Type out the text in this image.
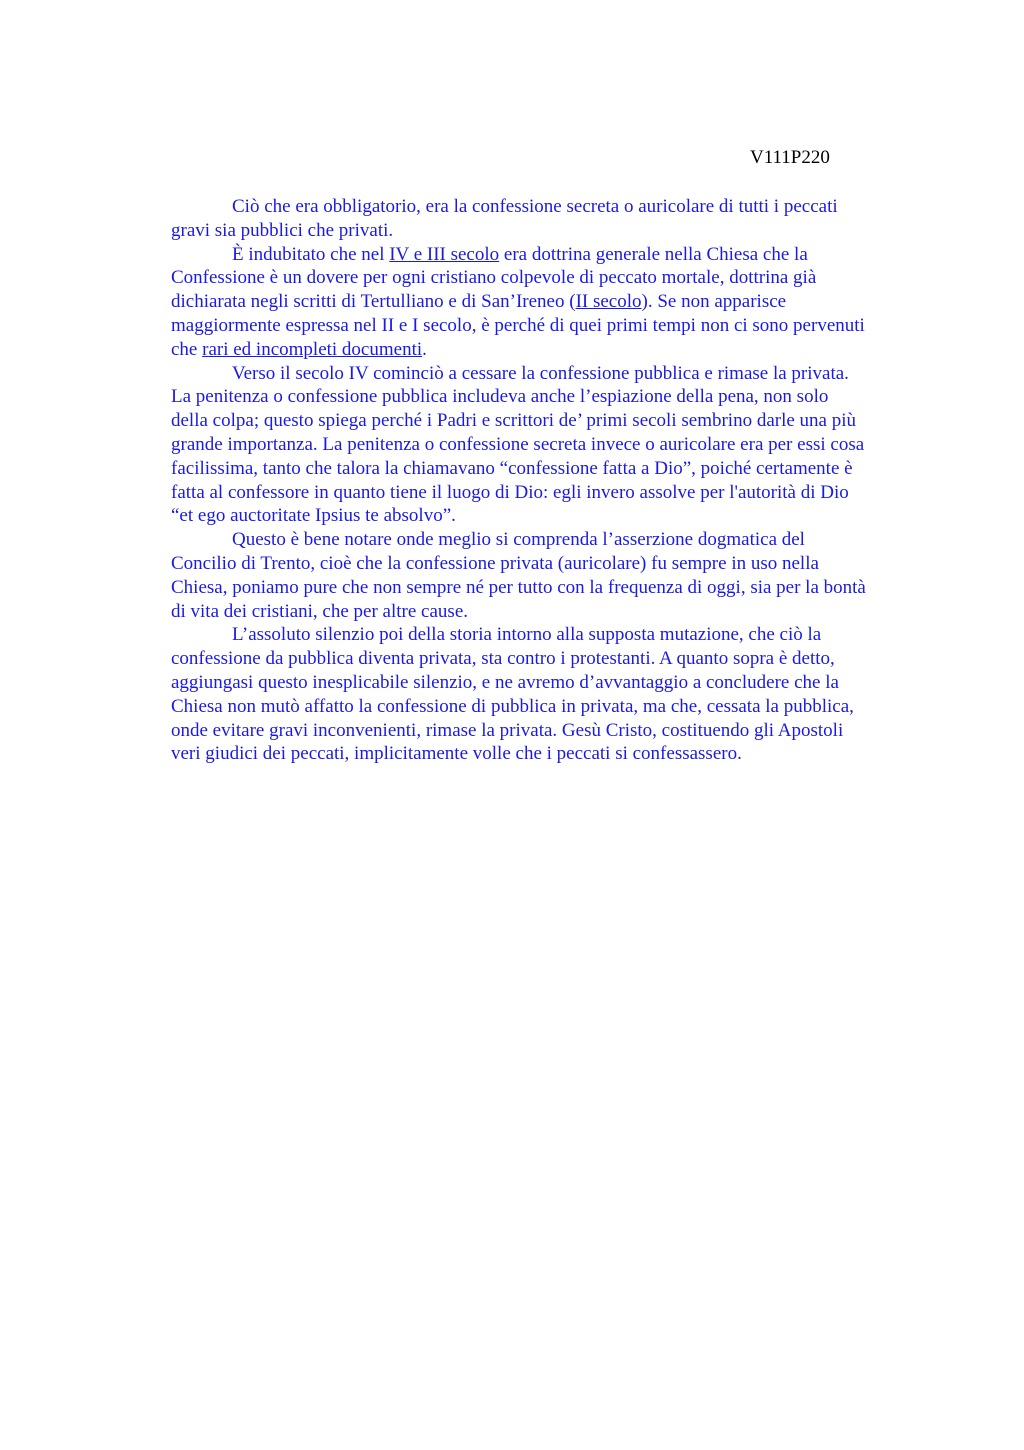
V111P220
Ciò che era obbligatorio, era la confessione secreta o auricolare di tutti i peccati
gravi sia pubblici che privati.
È indubitato che nel IV e III secolo era dottrina generale nella Chiesa che la
Confessione è un dovere per ogni cristiano colpevole di peccato mortale, dottrina già
dichiarata negli scritti di Tertulliano e di San’Ireneo (II secolo). Se non apparisce
maggiormente espressa nel II e I secolo, è perché di quei primi tempi non ci sono pervenuti
che rari ed incompleti documenti.
Verso il secolo IV cominciò a cessare la confessione pubblica e rimase la privata.
La penitenza o confessione pubblica includeva anche l’espiazione della pena, non solo
della colpa; questo spiega perché i Padri e scrittori de’ primi secoli sembrino darle una più
grande importanza. La penitenza o confessione secreta invece o auricolare era per essi cosa
facilissima, tanto che talora la chiamavano “confessione fatta a Dio”, poiché certamente è
fatta al confessore in quanto tiene il luogo di Dio: egli invero assolve per l'autorità di Dio
“et ego auctoritate Ipsius te absolvo”.
Questo è bene notare onde meglio si comprenda l’asserzione dogmatica del
Concilio di Trento, cioè che la confessione privata (auricolare) fu sempre in uso nella
Chiesa, poniamo pure che non sempre né per tutto con la frequenza di oggi, sia per la bontà
di vita dei cristiani, che per altre cause.
L’assoluto silenzio poi della storia intorno alla supposta mutazione, che ciò la
confessione da pubblica diventa privata, sta contro i protestanti. A quanto sopra è detto,
aggiungasi questo inesplicabile silenzio, e ne avremo d’avvantaggio a concludere che la
Chiesa non mutò affatto la confessione di pubblica in privata, ma che, cessata la pubblica,
onde evitare gravi inconvenienti, rimase la privata. Gesù Cristo, costituendo gli Apostoli
veri giudici dei peccati, implicitamente volle che i peccati si confessassero.
